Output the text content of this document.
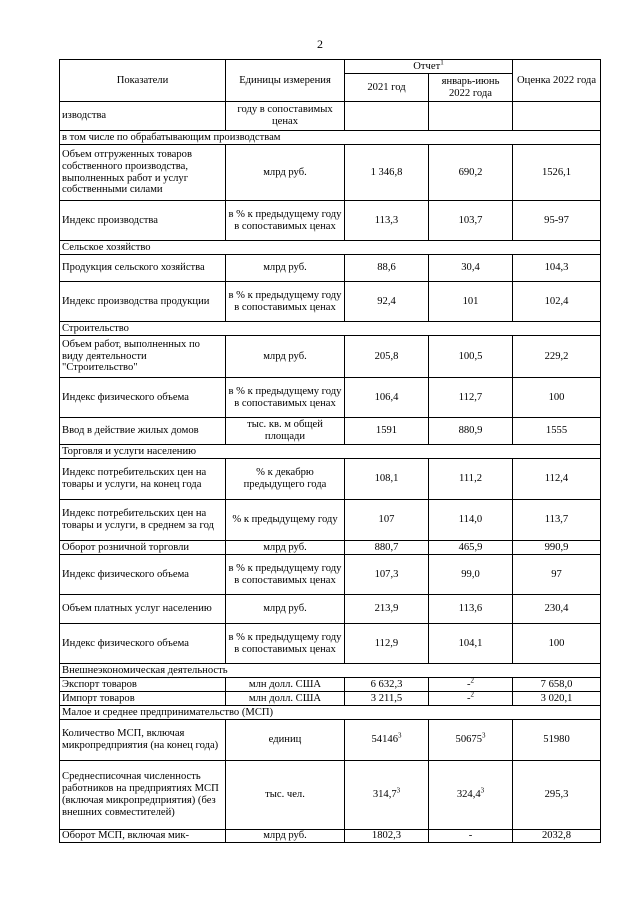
2
Показатели	Единицы измерения	Отчет$^1$		Оценка 2022 года
		2021 год	январь-июнь 2022 года	
изводства	году в сопоставимых ценах			
в том числе по обрабатывающим производствам				
Объем отгруженных товаров собственного производства, выполненных работ и услуг собственными силами	млрд руб.	1 346,8	690,2	1526,1
Индекс производства	в % к предыдущему году в сопоставимых ценах	113,3	103,7	95-97
Сельское хозяйство				
Продукция сельского хозяйства	млрд руб.	88,6	30,4	104,3
Индекс производства продукции	в % к предыдущему году в сопоставимых ценах	92,4	101	102,4
Строительство				
Объем работ, выполненных по виду деятельности "Строительство"	млрд руб.	205,8	100,5	229,2
Индекс физического объема	в % к предыдущему году в сопоставимых ценах	106,4	112,7	100
Ввод в действие жилых домов	тыс. кв. м общей площади	1591	880,9	1555
Торговля и услуги населению				
Индекс потребительских цен на товары и услуги, на конец года	% к декабрю предыдущего года	108,1	111,2	112,4
Индекс потребительских цен на товары и услуги, в среднем за год	% к предыдущему году	107	114,0	113,7
Оборот розничной торговли	млрд руб.	880,7	465,9	990,9
Индекс физического объема	в % к предыдущему году в сопоставимых ценах	107,3	99,0	97
Объем платных услуг населению	млрд руб.	213,9	113,6	230,4
Индекс физического объема	в % к предыдущему году в сопоставимых ценах	112,9	104,1	100
Внешнеэкономическая деятельность				
Экспорт товаров	млн долл. США	6 632,3	-$^2$	7 658,0
Импорт товаров	млн долл. США	3 211,5	-$^2$	3 020,1
Малое и среднее предпринимательство (МСП)				
Количество МСП, включая микропредприятия (на конец года)	единиц	54146$^3$	50675$^3$	51980
Среднесписочная численность работников на предприятиях МСП (включая микропредприятия) (без внешних совместителей)	тыс. чел.	314,7$^3$	324,4$^3$	295,3
Оборот МСП, включая мик-	млрд руб.	1802,3	-	2032,8
